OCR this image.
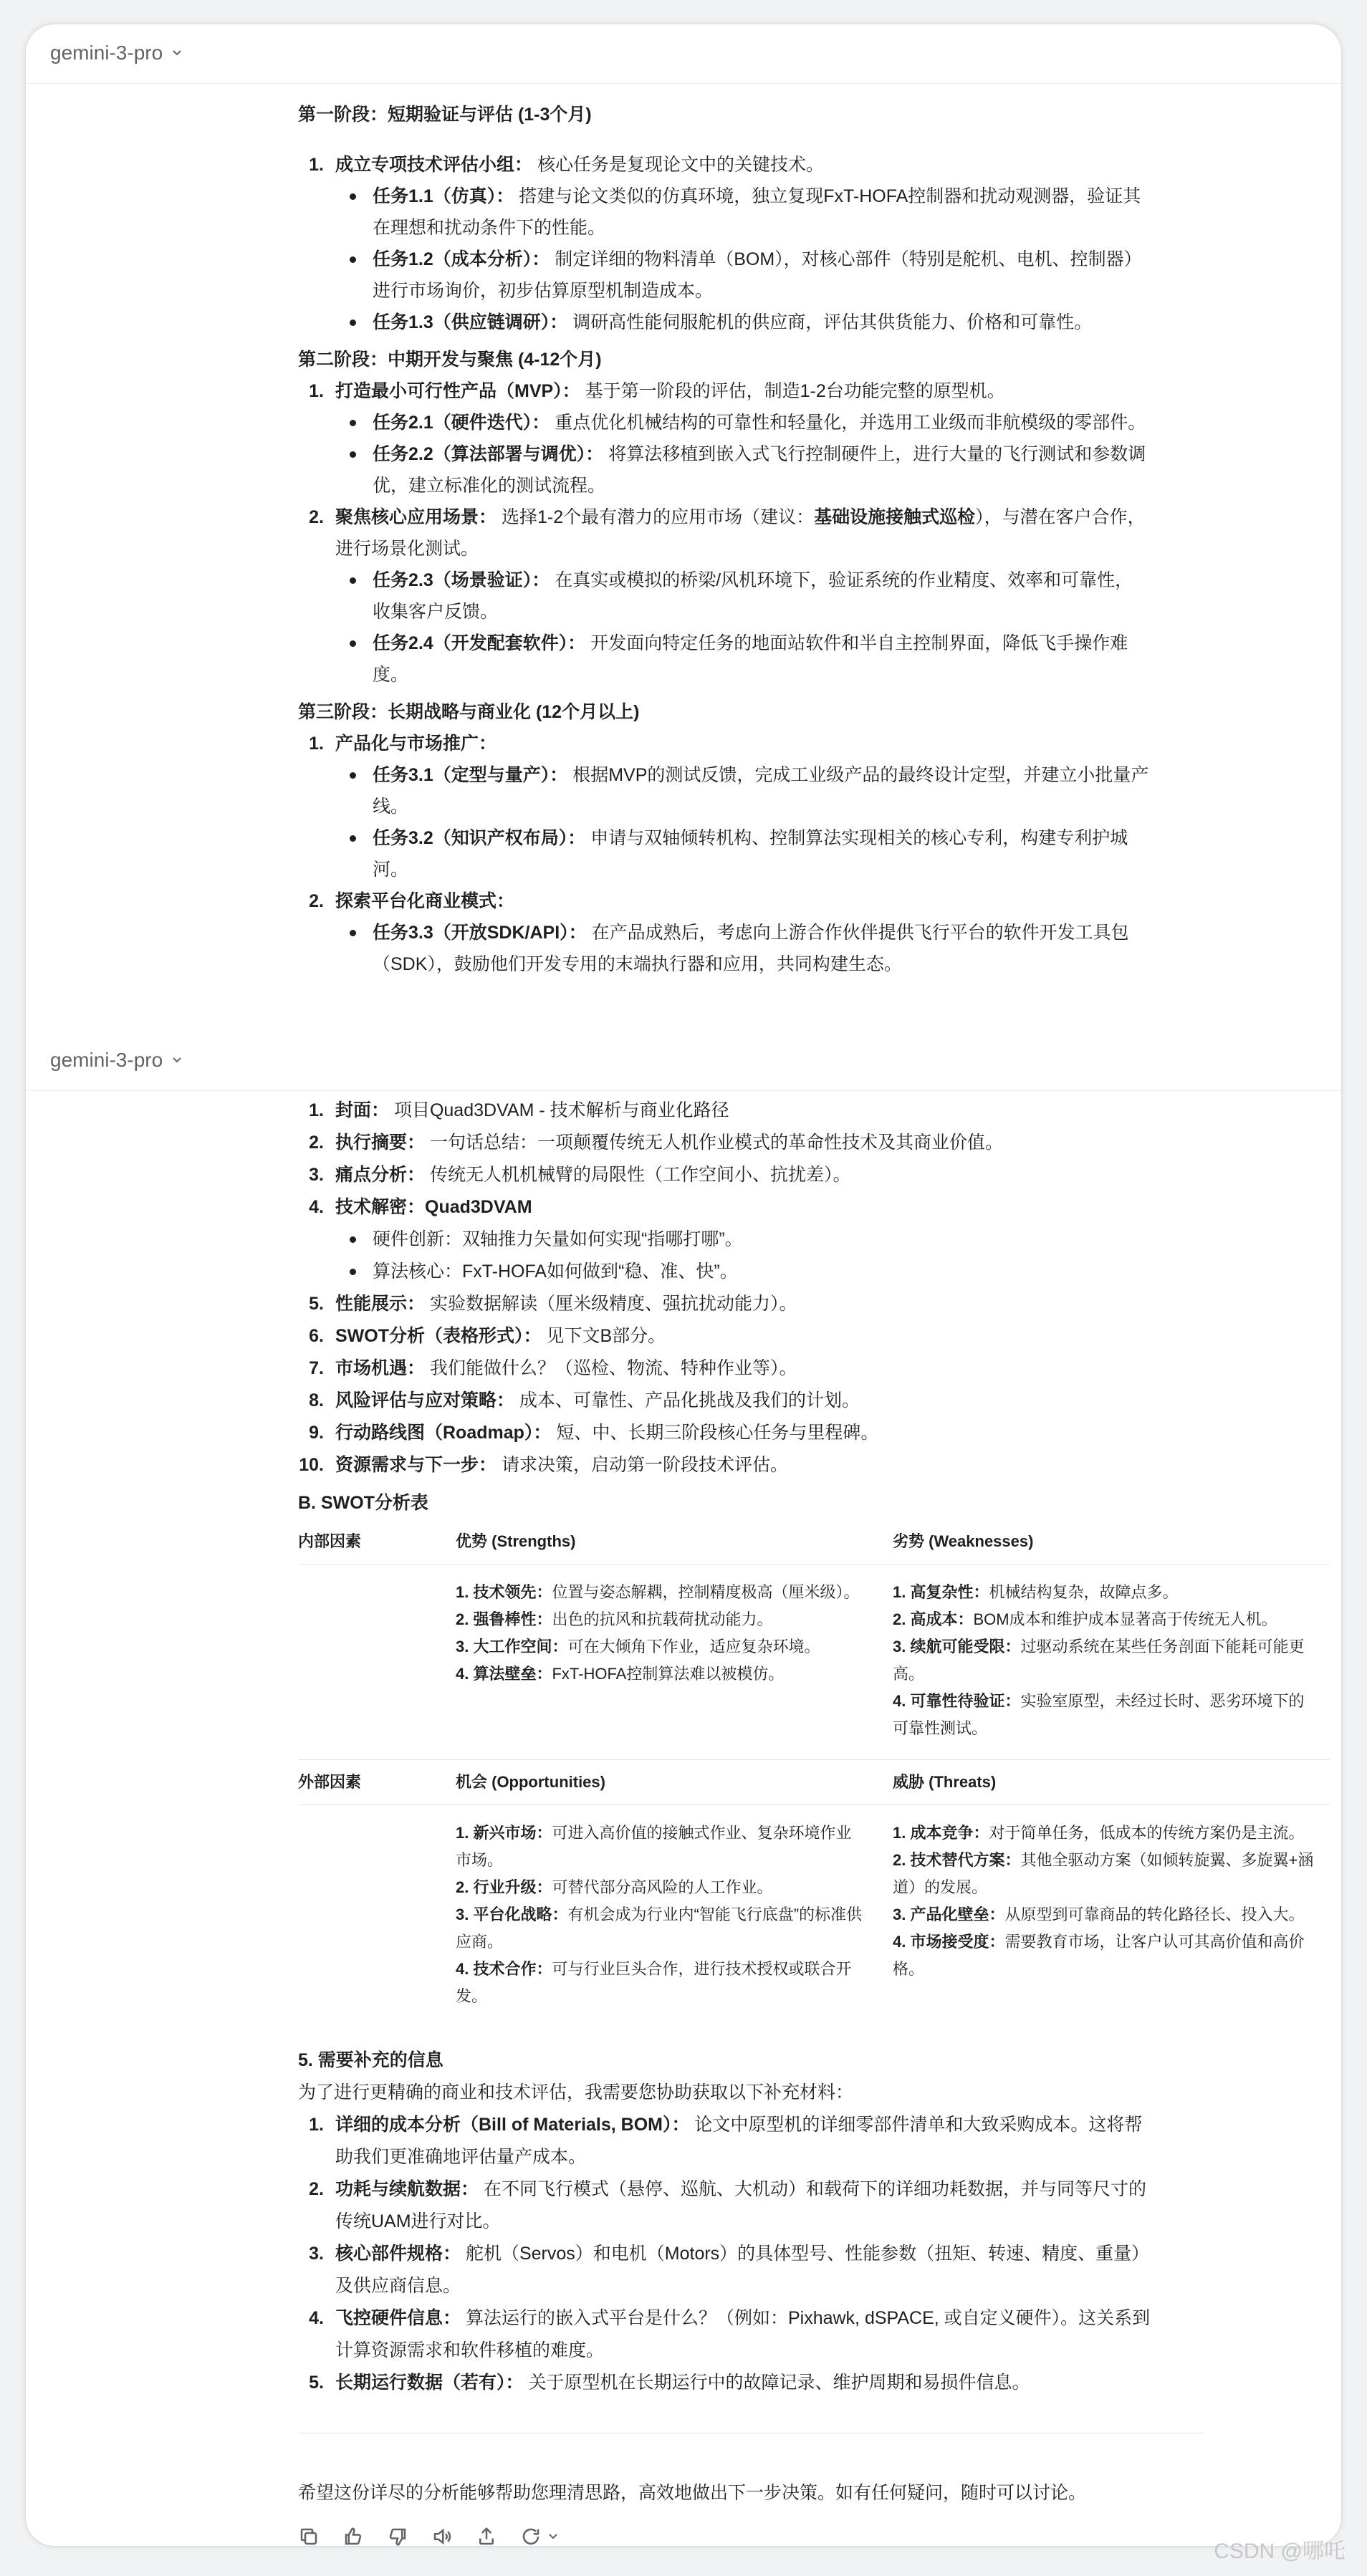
gemini-3-pro

第一阶段：短期验证与评估 (1-3个月)

1. 成立专项技术评估小组： 核心任务是复现论文中的关键技术。
任务1.1（仿真）： 搭建与论文类似的仿真环境，独立复现FxT-HOFA控制器和扰动观测器，验证其在理想和扰动条件下的性能。
任务1.2（成本分析）： 制定详细的物料清单（BOM），对核心部件（特别是舵机、电机、控制器）进行市场询价，初步估算原型机制造成本。
任务1.3（供应链调研）： 调研高性能伺服舵机的供应商，评估其供货能力、价格和可靠性。

第二阶段：中期开发与聚焦 (4-12个月)

1. 打造最小可行性产品（MVP）： 基于第一阶段的评估，制造1-2台功能完整的原型机。
任务2.1（硬件迭代）： 重点优化机械结构的可靠性和轻量化，并选用工业级而非航模级的零部件。
任务2.2（算法部署与调优）： 将算法移植到嵌入式飞行控制硬件上，进行大量的飞行测试和参数调优，建立标准化的测试流程。
2. 聚焦核心应用场景： 选择1-2个最有潜力的应用市场（建议：基础设施接触式巡检），与潜在客户合作，进行场景化测试。
任务2.3（场景验证）： 在真实或模拟的桥梁/风机环境下，验证系统的作业精度、效率和可靠性，收集客户反馈。
任务2.4（开发配套软件）： 开发面向特定任务的地面站软件和半自主控制界面，降低飞手操作难度。

第三阶段：长期战略与商业化 (12个月以上)

1. 产品化与市场推广：
任务3.1（定型与量产）： 根据MVP的测试反馈，完成工业级产品的最终设计定型，并建立小批量产线。
任务3.2（知识产权布局）： 申请与双轴倾转机构、控制算法实现相关的核心专利，构建专利护城河。
2. 探索平台化商业模式：
任务3.3（开放SDK/API）： 在产品成熟后，考虑向上游合作伙伴提供飞行平台的软件开发工具包（SDK），鼓励他们开发专用的末端执行器和应用，共同构建生态。
gemini-3-pro
1. 封面： 项目Quad3DVAM - 技术解析与商业化路径
2. 执行摘要： 一句话总结：一项颠覆传统无人机作业模式的革命性技术及其商业价值。
3. 痛点分析： 传统无人机机械臂的局限性（工作空间小、抗扰差）。
4. 技术解密：Quad3DVAM
硬件创新：双轴推力矢量如何实现“指哪打哪”。
算法核心：FxT-HOFA如何做到“稳、准、快”。
5. 性能展示： 实验数据解读（厘米级精度、强抗扰动能力）。
6. SWOT分析（表格形式）： 见下文B部分。
7. 市场机遇： 我们能做什么？（巡检、物流、特种作业等）。
8. 风险评估与应对策略： 成本、可靠性、产品化挑战及我们的计划。
9. 行动路线图（Roadmap）： 短、中、长期三阶段核心任务与里程碑。
10. 资源需求与下一步： 请求决策，启动第一阶段技术评估。

B. SWOT分析表

内部因素	优势 (Strengths)	劣势 (Weaknesses)

	1. 技术领先：位置与姿态解耦，控制精度极高（厘米级）。
2. 强鲁棒性：出色的抗风和抗载荷扰动能力。
3. 大工作空间：可在大倾角下作业，适应复杂环境。
4. 算法壁垒：FxT-HOFA控制算法难以被模仿。	1. 高复杂性：机械结构复杂，故障点多。
2. 高成本：BOM成本和维护成本显著高于传统无人机。
3. 续航可能受限：过驱动系统在某些任务剖面下能耗可能更高。
4. 可靠性待验证：实验室原型，未经过长时、恶劣环境下的可靠性测试。

外部因素	机会 (Opportunities)	威胁 (Threats)

	1. 新兴市场：可进入高价值的接触式作业、复杂环境作业市场。
2. 行业升级：可替代部分高风险的人工作业。
3. 平台化战略：有机会成为行业内“智能飞行底盘”的标准供应商。
4. 技术合作：可与行业巨头合作，进行技术授权或联合开发。	1. 成本竞争：对于简单任务，低成本的传统方案仍是主流。
2. 技术替代方案：其他全驱动方案（如倾转旋翼、多旋翼+涵道）的发展。
3. 产品化壁垒：从原型到可靠商品的转化路径长、投入大。
4. 市场接受度：需要教育市场，让客户认可其高价值和高价格。

5. 需要补充的信息

为了进行更精确的商业和技术评估，我需要您协助获取以下补充材料：

1. 详细的成本分析（Bill of Materials, BOM）： 论文中原型机的详细零部件清单和大致采购成本。这将帮助我们更准确地评估量产成本。
2. 功耗与续航数据： 在不同飞行模式（悬停、巡航、大机动）和载荷下的详细功耗数据，并与同等尺寸的传统UAM进行对比。
3. 核心部件规格： 舵机（Servos）和电机（Motors）的具体型号、性能参数（扭矩、转速、精度、重量）及供应商信息。
4. 飞控硬件信息： 算法运行的嵌入式平台是什么？（例如：Pixhawk, dSPACE, 或自定义硬件）。这关系到计算资源需求和软件移植的难度。
5. 长期运行数据（若有）： 关于原型机在长期运行中的故障记录、维护周期和易损件信息。

希望这份详尽的分析能够帮助您理清思路，高效地做出下一步决策。如有任何疑问，随时可以讨论。

CSDN @哪吒
